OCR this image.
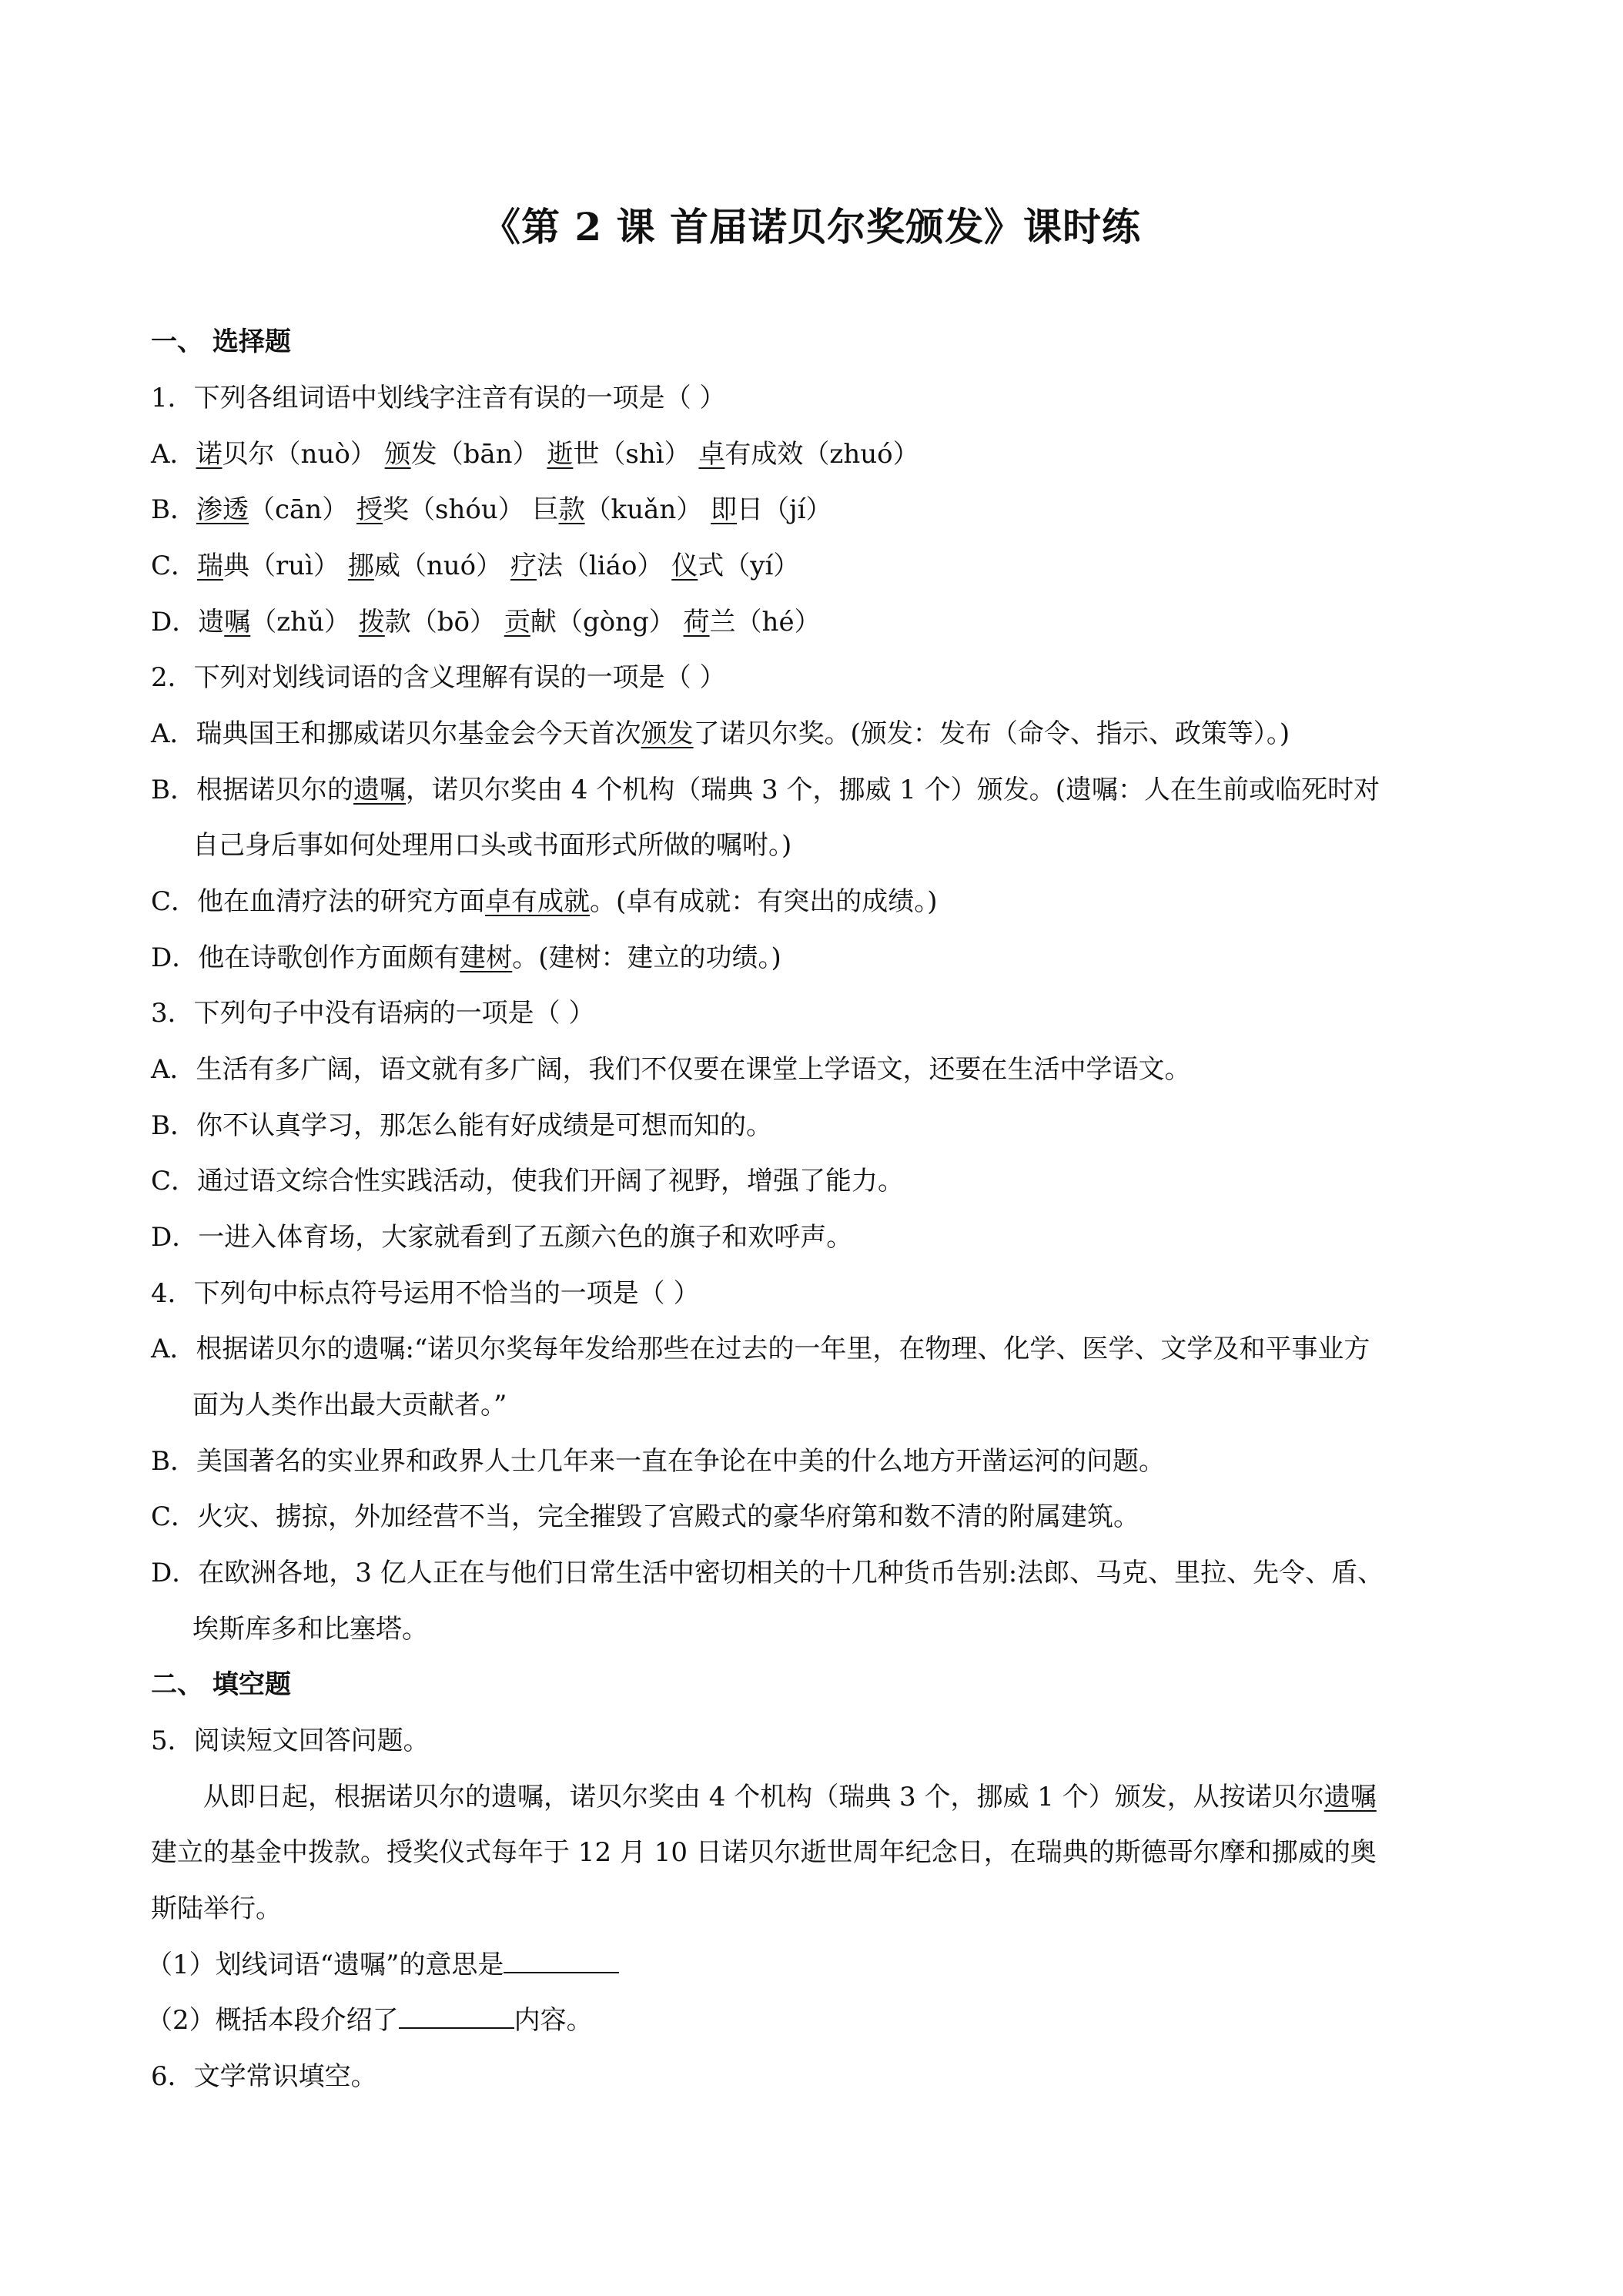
《第 2 课 首届诺贝尔奖颁发》课时练
一、 选择题
1．下列各组词语中划线字注音有误的一项是（ ）
A．诺贝尔（nuò） 颁发（bān） 逝世（shì） 卓有成效（zhuó）
B．渗透（cān） 授奖（shóu） 巨款（kuǎn） 即日（jí）
C．瑞典（ruì） 挪威（nuó） 疗法（liáo） 仪式（yí）
D．遗嘱（zhǔ） 拨款（bō） 贡献（gòng） 荷兰（hé）
2．下列对划线词语的含义理解有误的一项是（ ）
A．瑞典国王和挪威诺贝尔基金会今天首次颁发了诺贝尔奖。(颁发：发布（命令、指示、政策等）。)
B．根据诺贝尔的遗嘱，诺贝尔奖由 4 个机构（瑞典 3 个，挪威 1 个）颁发。(遗嘱：人在生前或临死时对
自己身后事如何处理用口头或书面形式所做的嘱咐。)
C．他在血清疗法的研究方面卓有成就。(卓有成就：有突出的成绩。)
D．他在诗歌创作方面颇有建树。(建树：建立的功绩。)
3．下列句子中没有语病的一项是（ ）
A．生活有多广阔，语文就有多广阔，我们不仅要在课堂上学语文，还要在生活中学语文。
B．你不认真学习，那怎么能有好成绩是可想而知的。
C．通过语文综合性实践活动，使我们开阔了视野，增强了能力。
D．一进入体育场，大家就看到了五颜六色的旗子和欢呼声。
4．下列句中标点符号运用不恰当的一项是（ ）
A．根据诺贝尔的遗嘱:“诺贝尔奖每年发给那些在过去的一年里，在物理、化学、医学、文学及和平事业方
面为人类作出最大贡献者。”
B．美国著名的实业界和政界人士几年来一直在争论在中美的什么地方开凿运河的问题。
C．火灾、掳掠，外加经营不当，完全摧毁了宫殿式的豪华府第和数不清的附属建筑。
D．在欧洲各地，3 亿人正在与他们日常生活中密切相关的十几种货币告别:法郎、马克、里拉、先令、盾、
埃斯库多和比塞塔。
二、 填空题
5．阅读短文回答问题。
从即日起，根据诺贝尔的遗嘱，诺贝尔奖由 4 个机构（瑞典 3 个，挪威 1 个）颁发，从按诺贝尔遗嘱
建立的基金中拨款。授奖仪式每年于 12 月 10 日诺贝尔逝世周年纪念日，在瑞典的斯德哥尔摩和挪威的奥
斯陆举行。
（1）划线词语“遗嘱”的意思是
（2）概括本段介绍了	内容。
6．文学常识填空。
